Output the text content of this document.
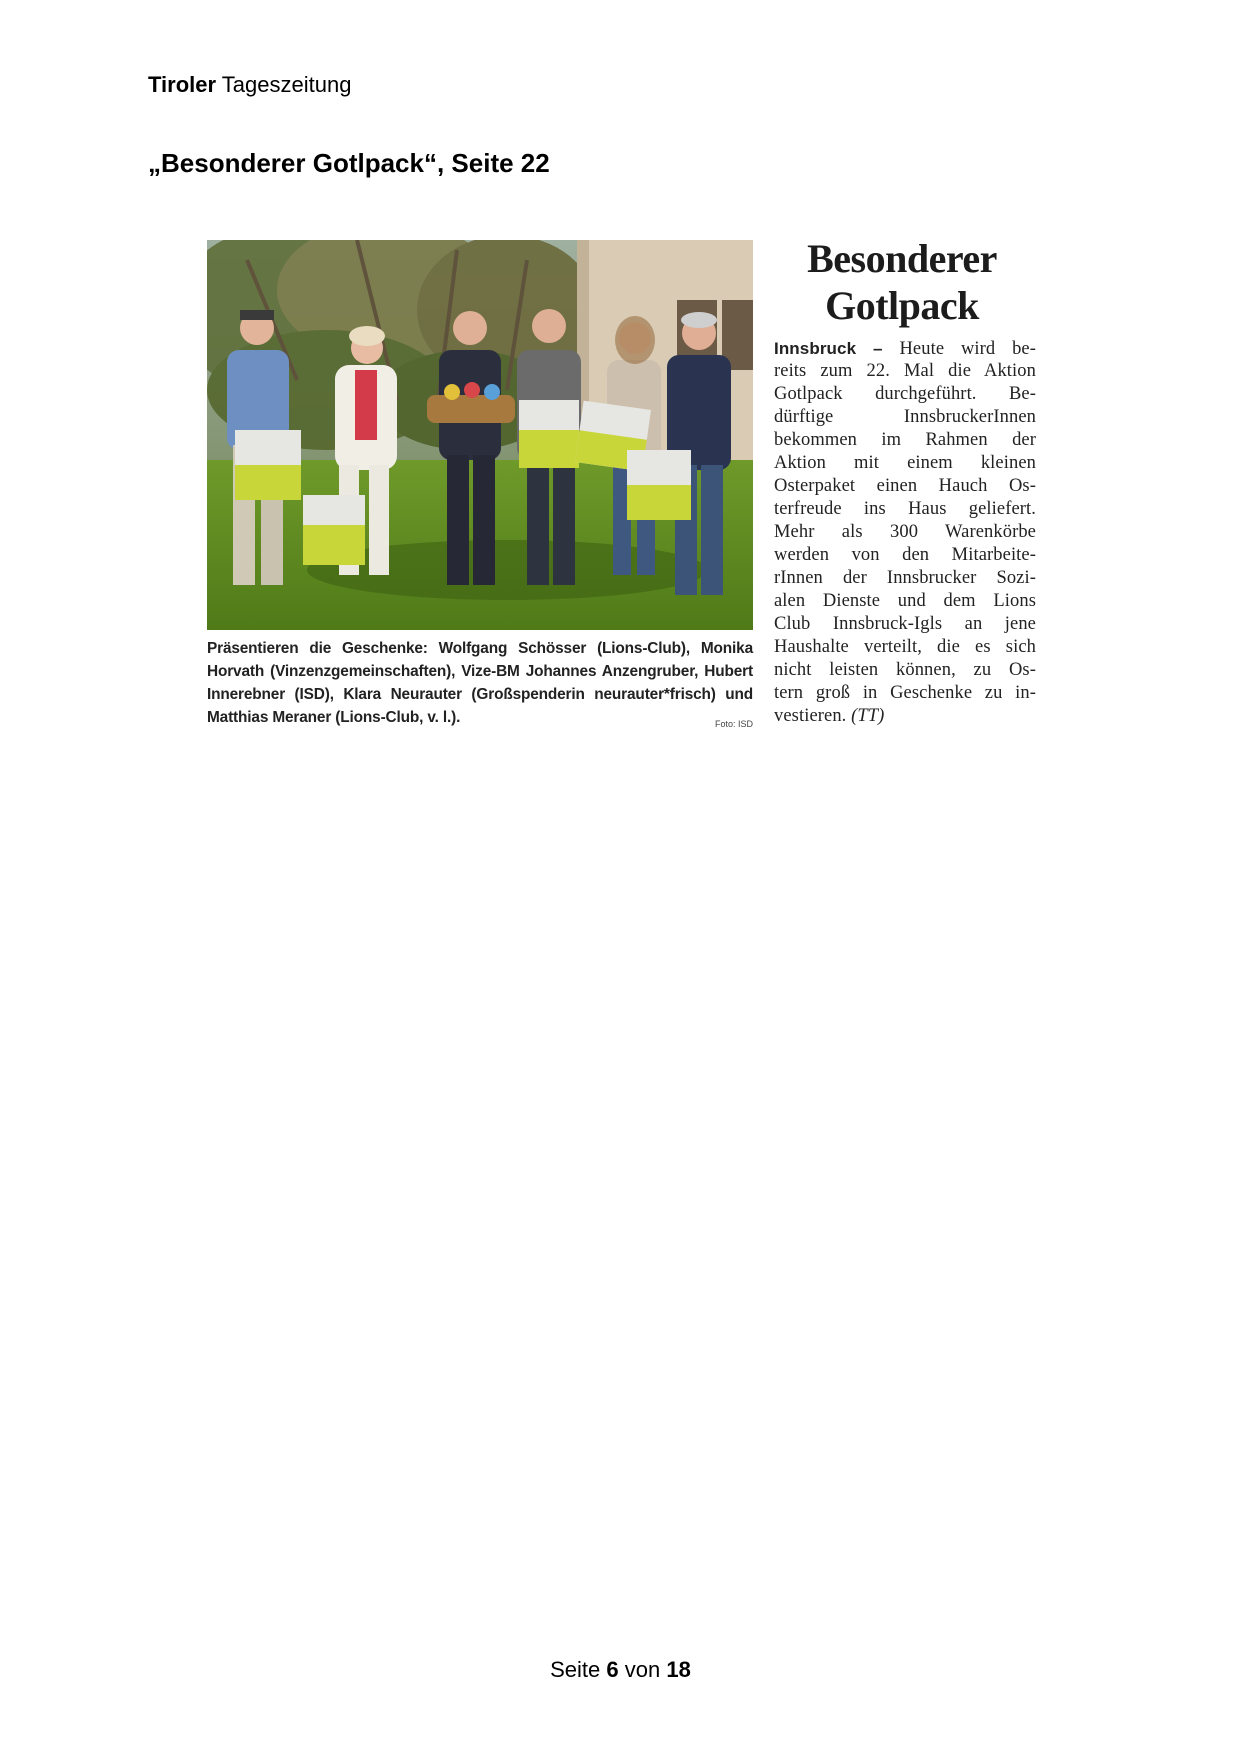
Tiroler Tageszeitung
„Besonderer Gotlpack“, Seite 22
Präsentieren die Geschenke: Wolfgang Schösser (Lions-Club), Monika Horvath (Vinzenzgemeinschaften), Vize-BM Johannes Anzengruber, Hubert Innerebner (ISD), Klara Neurauter (Großspenderin neurauter*frisch) und Matthias Meraner (Lions-Club, v. l.).	Foto: ISD
Besonderer
Gotlpack
Innsbruck – Heute wird be-
reits zum 22. Mal die Aktion
Gotlpack durchgeführt. Be-
dürftige InnsbruckerInnen
bekommen im Rahmen der
Aktion mit einem kleinen
Osterpaket einen Hauch Os-
terfreude ins Haus geliefert.
Mehr als 300 Warenkörbe
werden von den Mitarbeite-
rInnen der Innsbrucker Sozi-
alen Dienste und dem Lions
Club Innsbruck-Igls an jene
Haushalte verteilt, die es sich
nicht leisten können, zu Os-
tern groß in Geschenke zu in-
vestieren. (TT)
Seite 6 von 18
